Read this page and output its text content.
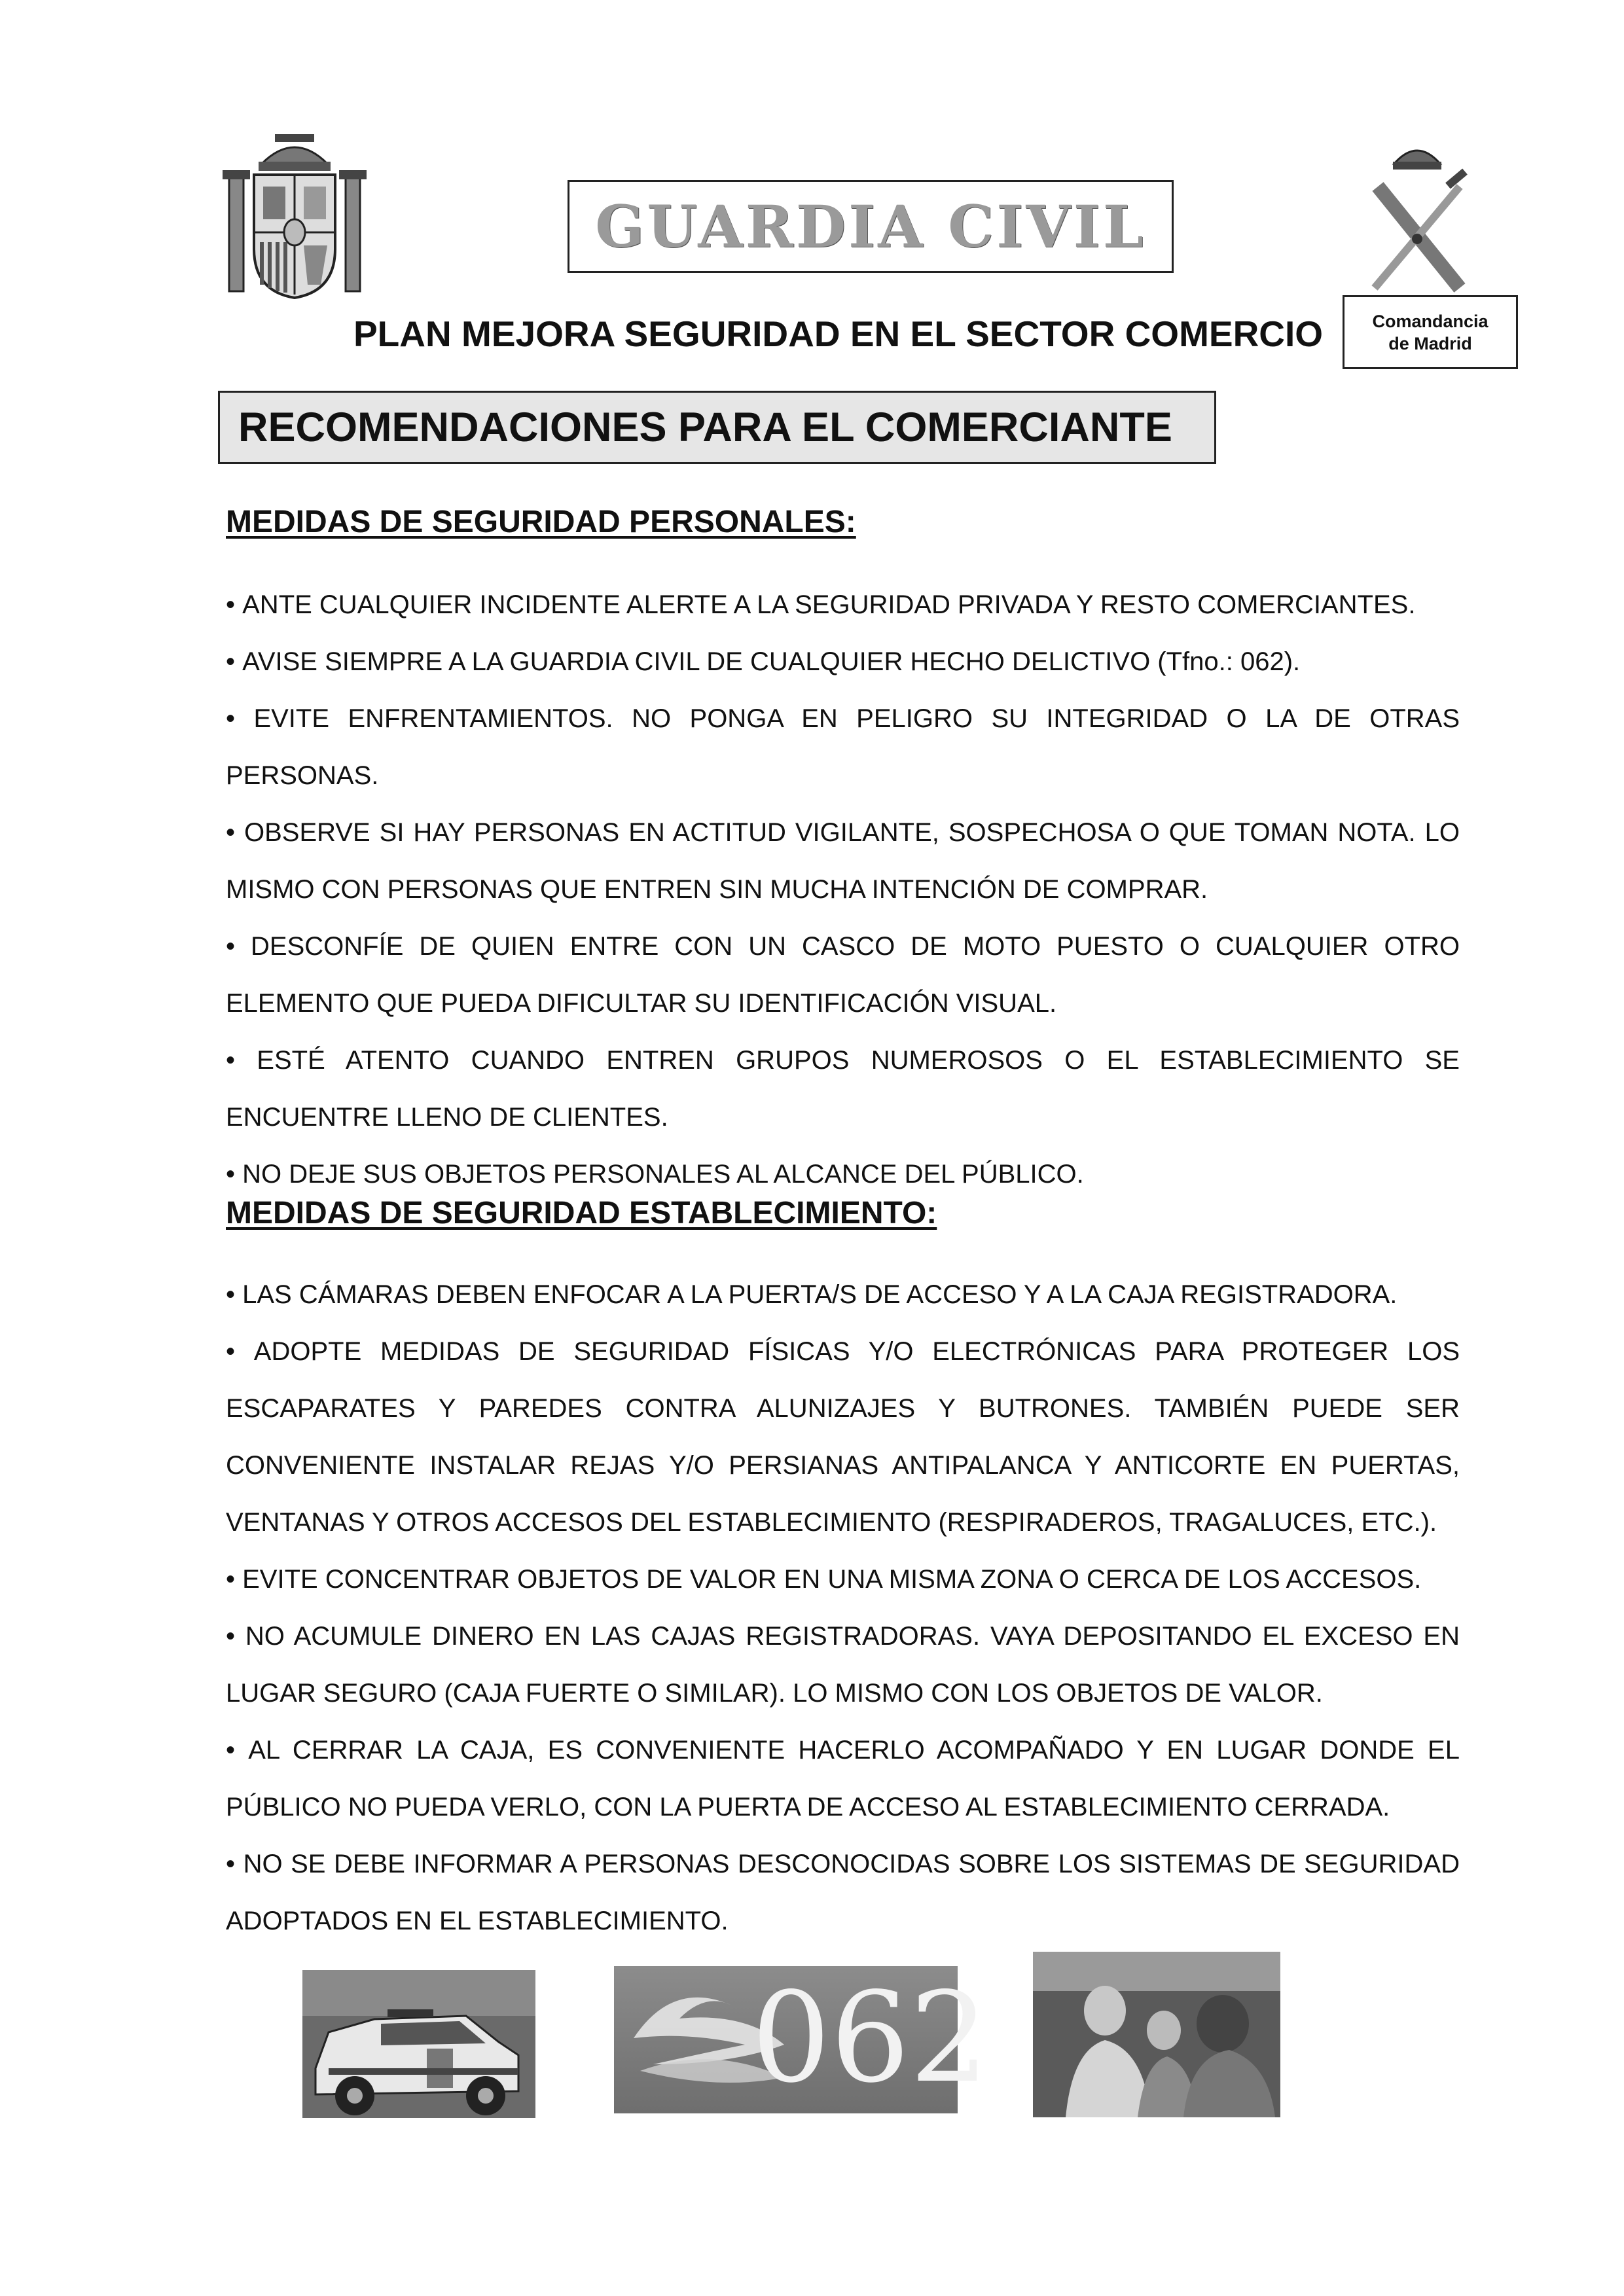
GUARDIA CIVIL
Comandancia
de Madrid
PLAN MEJORA SEGURIDAD EN EL SECTOR COMERCIO
RECOMENDACIONES PARA EL COMERCIANTE
MEDIDAS DE SEGURIDAD PERSONALES:
• ANTE CUALQUIER INCIDENTE ALERTE A LA SEGURIDAD PRIVADA Y RESTO COMERCIANTES.
• AVISE SIEMPRE A LA GUARDIA CIVIL DE CUALQUIER HECHO DELICTIVO (Tfno.: 062).
• EVITE ENFRENTAMIENTOS. NO PONGA EN PELIGRO SU INTEGRIDAD O LA DE OTRAS PERSONAS.
• OBSERVE SI HAY PERSONAS EN ACTITUD VIGILANTE, SOSPECHOSA O QUE TOMAN NOTA. LO MISMO CON PERSONAS QUE ENTREN SIN MUCHA INTENCIÓN DE COMPRAR.
• DESCONFÍE DE QUIEN ENTRE CON UN CASCO DE MOTO PUESTO O CUALQUIER OTRO ELEMENTO QUE PUEDA DIFICULTAR SU IDENTIFICACIÓN VISUAL.
• ESTÉ ATENTO CUANDO ENTREN GRUPOS NUMEROSOS O EL ESTABLECIMIENTO SE ENCUENTRE LLENO DE CLIENTES.
• NO DEJE SUS OBJETOS PERSONALES AL ALCANCE DEL PÚBLICO.
MEDIDAS DE SEGURIDAD ESTABLECIMIENTO:
• LAS CÁMARAS DEBEN ENFOCAR A LA PUERTA/S DE ACCESO Y A LA CAJA REGISTRADORA.
• ADOPTE MEDIDAS DE SEGURIDAD FÍSICAS Y/O ELECTRÓNICAS PARA PROTEGER LOS ESCAPARATES Y PAREDES CONTRA ALUNIZAJES Y BUTRONES. TAMBIÉN PUEDE SER CONVENIENTE INSTALAR REJAS Y/O PERSIANAS ANTIPALANCA Y ANTICORTE EN PUERTAS, VENTANAS Y OTROS ACCESOS DEL ESTABLECIMIENTO (RESPIRADEROS, TRAGALUCES, ETC.).
• EVITE CONCENTRAR OBJETOS DE VALOR EN UNA MISMA ZONA O CERCA DE LOS ACCESOS.
• NO ACUMULE DINERO EN LAS CAJAS REGISTRADORAS. VAYA DEPOSITANDO EL EXCESO EN LUGAR SEGURO (CAJA FUERTE O SIMILAR). LO MISMO CON LOS OBJETOS DE VALOR.
• AL CERRAR LA CAJA, ES CONVENIENTE HACERLO ACOMPAÑADO Y EN LUGAR DONDE EL PÚBLICO NO PUEDA VERLO, CON LA PUERTA DE ACCESO AL ESTABLECIMIENTO CERRADA.
• NO SE DEBE INFORMAR A PERSONAS DESCONOCIDAS SOBRE LOS SISTEMAS DE SEGURIDAD ADOPTADOS EN EL ESTABLECIMIENTO.
062
